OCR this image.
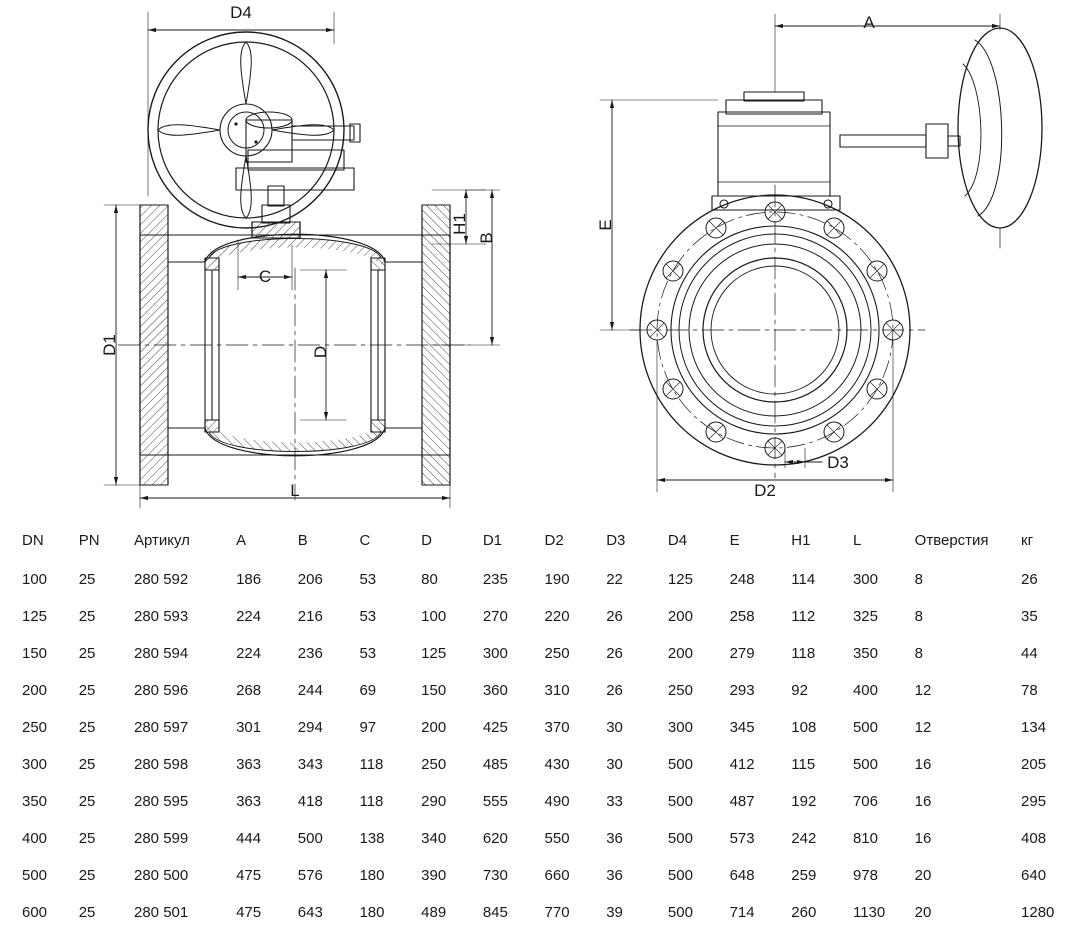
D4
H1
B
C
D
D1
L
A
E
D3
D2
DN	PN	Артикул	A	B	C	D	D1	D2	D3	D4	E	H1	L	Отверстия	кг
100	25	280 592	186	206	53	80	235	190	22	125	248	114	300	8	26
125	25	280 593	224	216	53	100	270	220	26	200	258	112	325	8	35
150	25	280 594	224	236	53	125	300	250	26	200	279	118	350	8	44
200	25	280 596	268	244	69	150	360	310	26	250	293	92	400	12	78
250	25	280 597	301	294	97	200	425	370	30	300	345	108	500	12	134
300	25	280 598	363	343	118	250	485	430	30	500	412	115	500	16	205
350	25	280 595	363	418	118	290	555	490	33	500	487	192	706	16	295
400	25	280 599	444	500	138	340	620	550	36	500	573	242	810	16	408
500	25	280 500	475	576	180	390	730	660	36	500	648	259	978	20	640
600	25	280 501	475	643	180	489	845	770	39	500	714	260	1130	20	1280
